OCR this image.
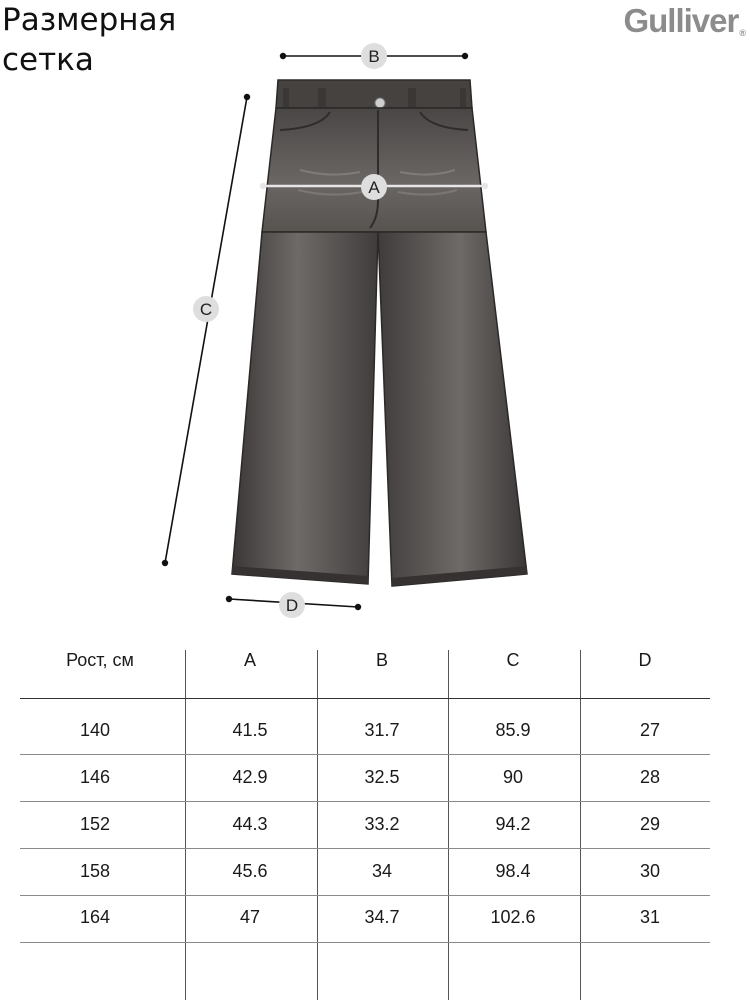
Размерная
сетка
Gulliver®
B
A
C
D
Рост, см	A	B	C	D
140	41.5	31.7	85.9	27
146	42.9	32.5	90	28
152	44.3	33.2	94.2	29
158	45.6	34	98.4	30
164	47	34.7	102.6	31
